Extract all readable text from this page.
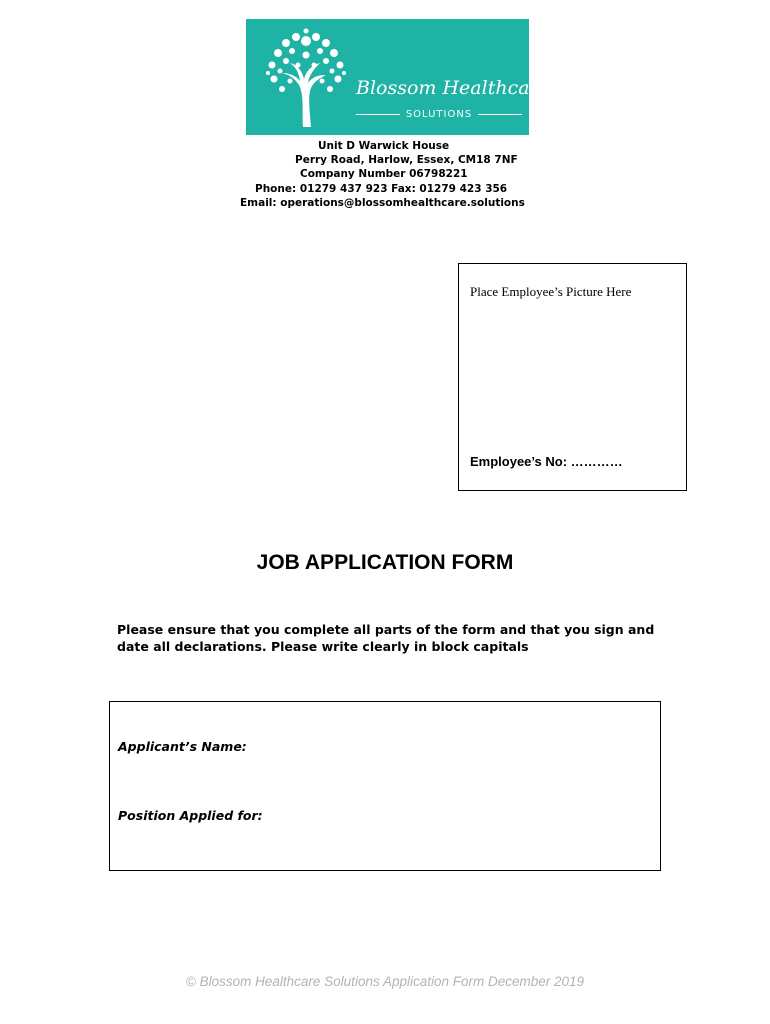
Blossom Healthcare
SOLUTIONS
Unit D Warwick House
Perry Road, Harlow, Essex, CM18 7NF
Company Number 06798221
Phone: 01279 437 923 Fax: 01279 423 356
Email: operations@blossomhealthcare.solutions
Place Employee’s Picture Here
Employee’s No: …………
JOB APPLICATION FORM
Please ensure that you complete all parts of the form and that you sign and date all declarations. Please write clearly in block capitals
Applicant’s Name:
Position Applied for:
© Blossom Healthcare Solutions Application Form December 2019
